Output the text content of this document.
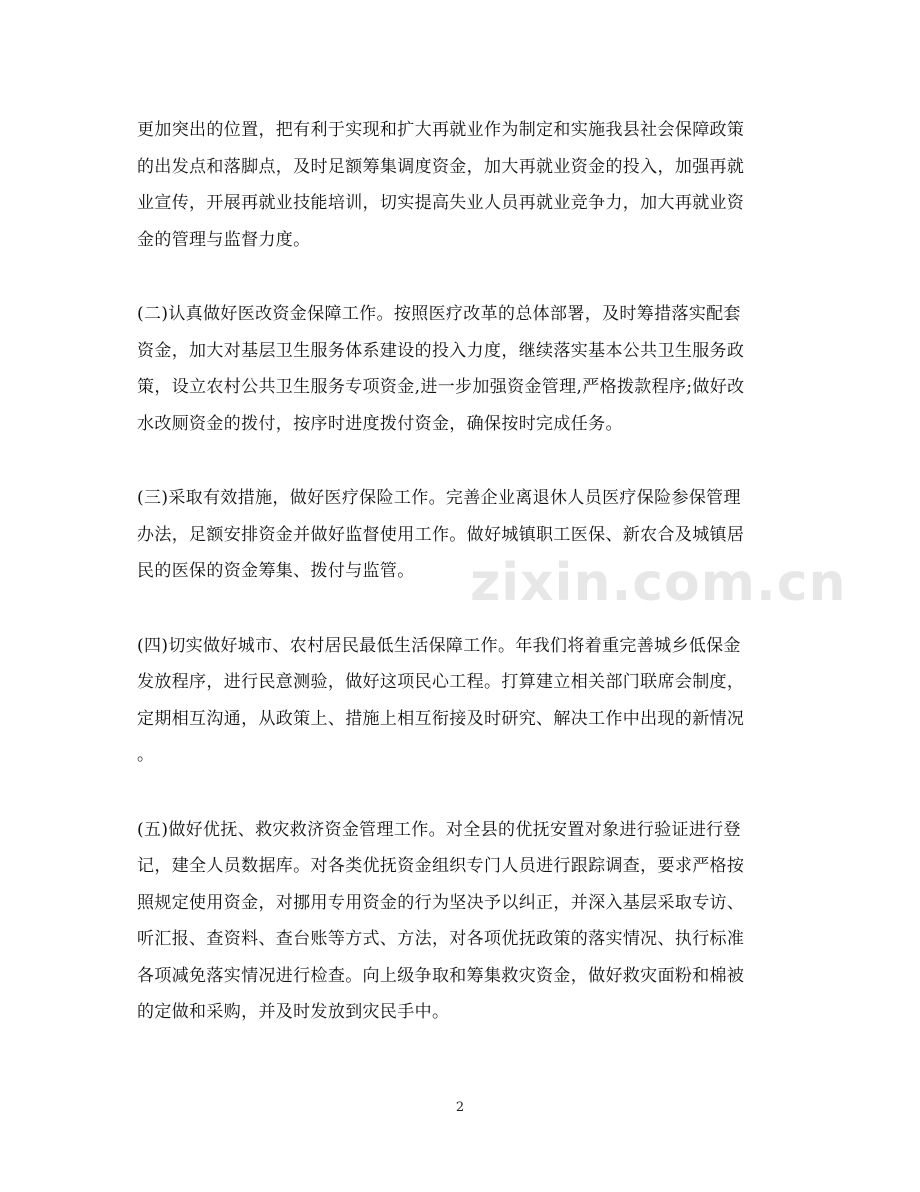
更加突出的位置，把有利于实现和扩大再就业作为制定和实施我县社会保障政策
的出发点和落脚点，及时足额筹集调度资金，加大再就业资金的投入，加强再就
业宣传，开展再就业技能培训，切实提高失业人员再就业竞争力，加大再就业资
金的管理与监督力度。
(二)认真做好医改资金保障工作。按照医疗改革的总体部署，及时筹措落实配套
资金，加大对基层卫生服务体系建设的投入力度，继续落实基本公共卫生服务政
策，设立农村公共卫生服务专项资金,进一步加强资金管理,严格拨款程序;做好改
水改厕资金的拨付，按序时进度拨付资金，确保按时完成任务。
(三)采取有效措施，做好医疗保险工作。完善企业离退休人员医疗保险参保管理
办法，足额安排资金并做好监督使用工作。做好城镇职工医保、新农合及城镇居
民的医保的资金筹集、拨付与监管。
(四)切实做好城市、农村居民最低生活保障工作。年我们将着重完善城乡低保金
发放程序，进行民意测验，做好这项民心工程。打算建立相关部门联席会制度，
定期相互沟通，从政策上、措施上相互衔接及时研究、解决工作中出现的新情况
。
(五)做好优抚、救灾救济资金管理工作。对全县的优抚安置对象进行验证进行登
记，建全人员数据库。对各类优抚资金组织专门人员进行跟踪调查，要求严格按
照规定使用资金，对挪用专用资金的行为坚决予以纠正，并深入基层采取专访、
听汇报、查资料、查台账等方式、方法，对各项优抚政策的落实情况、执行标准
各项减免落实情况进行检查。向上级争取和筹集救灾资金，做好救灾面粉和棉被
的定做和采购，并及时发放到灾民手中。
zixin.com.cn
2
